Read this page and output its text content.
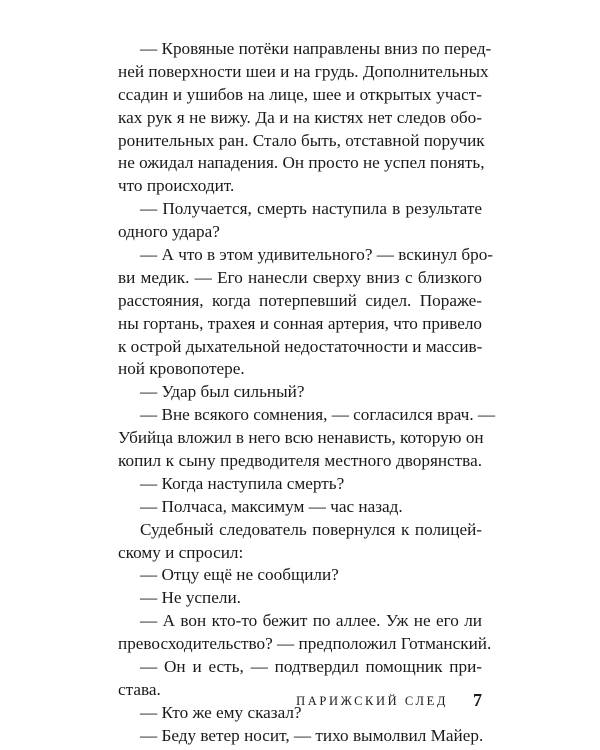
— Кровяные потёки направлены вниз по перед-
ней поверхности шеи и на грудь. Дополнительных
ссадин и ушибов на лице, шее и открытых участ-
ках рук я не вижу. Да и на кистях нет следов обо-
ронительных ран. Стало быть, отставной поручик
не ожидал нападения. Он просто не успел понять,
что происходит.
— Получается, смерть наступила в результате
одного удара?
— А что в этом удивительного? — вскинул бро-
ви медик. — Его нанесли сверху вниз с близкого
расстояния, когда потерпевший сидел. Пораже-
ны гортань, трахея и сонная артерия, что привело
к острой дыхательной недостаточности и массив-
ной кровопотере.
— Удар был сильный?
— Вне всякого сомнения, — согласился врач. —
Убийца вложил в него всю ненависть, которую он
копил к сыну предводителя местного дворянства.
— Когда наступила смерть?
— Полчаса, максимум — час назад.
Судебный следователь повернулся к полицей-
скому и спросил:
— Отцу ещё не сообщили?
— Не успели.
— А вон кто-то бежит по аллее. Уж не его ли
превосходительство? — предположил Готманский.
— Он и есть, — подтвердил помощник при-
става.
— Кто же ему сказал?
— Беду ветер носит, — тихо вымолвил Майер.
ПАРИЖСКИЙ СЛЕД 7
